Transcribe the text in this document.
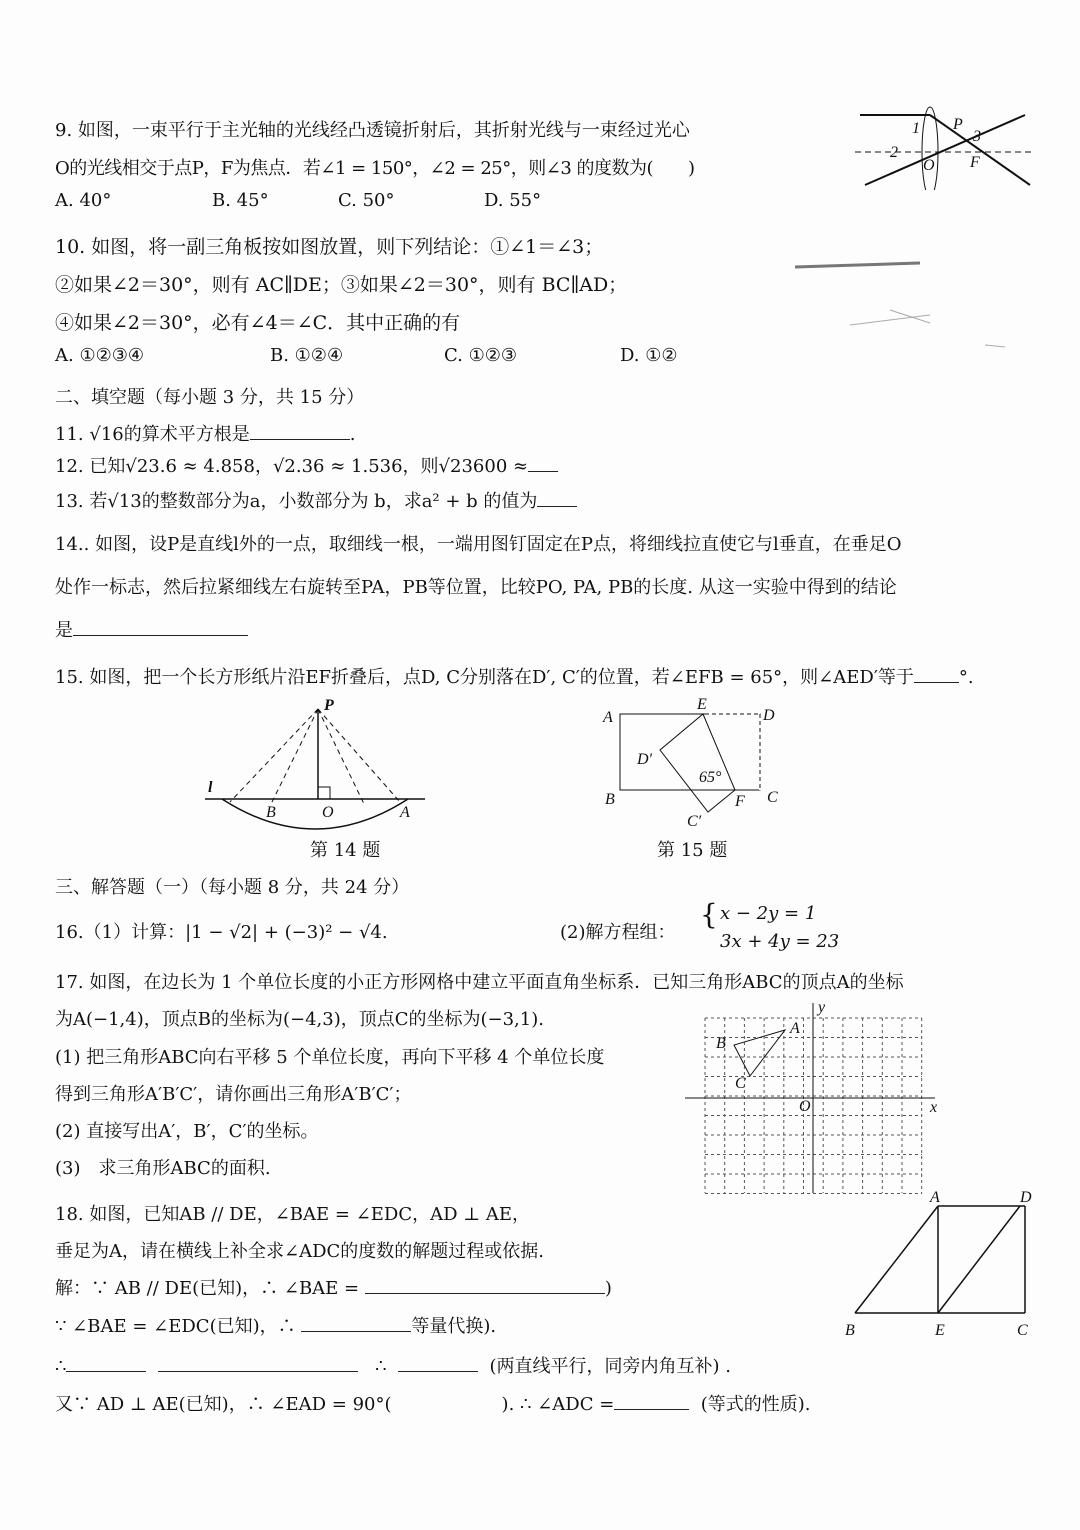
9. 如图，一束平行于主光轴的光线经凸透镜折射后，其折射光线与一束经过光心
O的光线相交于点P，F为焦点．若∠1 = 150°，∠2 = 25°，则∠3 的度数为(　　)
A. 40°	B. 45°	C. 50°	D. 55°
1 P
3
2
O F
10. 如图，将一副三角板按如图放置，则下列结论：①∠1＝∠3；
②如果∠2＝30°，则有 AC∥DE；③如果∠2＝30°，则有 BC∥AD；
④如果∠2＝30°，必有∠4＝∠C．其中正确的有
A. ①②③④	B. ①②④	C. ①②③	D. ①②
二、填空题（每小题 3 分，共 15 分）
11. √16的算术平方根是	.
12. 已知√23.6 ≈ 4.858，√2.36 ≈ 1.536，则√23600 ≈
13. 若√13的整数部分为a，小数部分为 b，求a² + b 的值为
14.. 如图，设P是直线l外的一点，取细线一根，一端用图钉固定在P点，将细线拉直使它与l垂直，在垂足O
处作一标志，然后拉紧细线左右旋转至PA，PB等位置，比较PO, PA, PB的长度. 从这一实验中得到的结论
是
15. 如图，把一个长方形纸片沿EF折叠后，点D, C分别落在D′, C′的位置，若∠EFB = 65°，则∠AED′等于	°.
P
l
B	O	A
第 14 题
A
E
D
D′
65°
B
C′
F C
第 15 题
三、解答题（一）（每小题 8 分，共 24 分）
16.（1）计算：|1 − √2| + (−3)² − √4.	(2)解方程组：
{ x − 2y = 1
3x + 4y = 23
17. 如图，在边长为 1 个单位长度的小正方形网格中建立平面直角坐标系．已知三角形ABC的顶点A的坐标
为A(−1,4)，顶点B的坐标为(−4,3)，顶点C的坐标为(−3,1).
(1) 把三角形ABC向右平移 5 个单位长度，再向下平移 4 个单位长度
得到三角形A′B′C′，请你画出三角形A′B′C′；
(2) 直接写出A′，B′，C′的坐标。
(3)　求三角形ABC的面积.
y
A
B
C
O	x
18. 如图，已知AB // DE，∠BAE = ∠EDC，AD ⊥ AE，
垂足为A，请在横线上补全求∠ADC的度数的解题过程或依据.
解：∵ AB // DE(已知)，∴ ∠BAE =	)
∵ ∠BAE = ∠EDC(已知)，∴	等量代换).
∴	∴	(两直线平行，同旁内角互补) .
又∵ AD ⊥ AE(已知)，∴ ∠EAD = 90°(	). ∴ ∠ADC =	(等式的性质).
A	D
B	E	C
